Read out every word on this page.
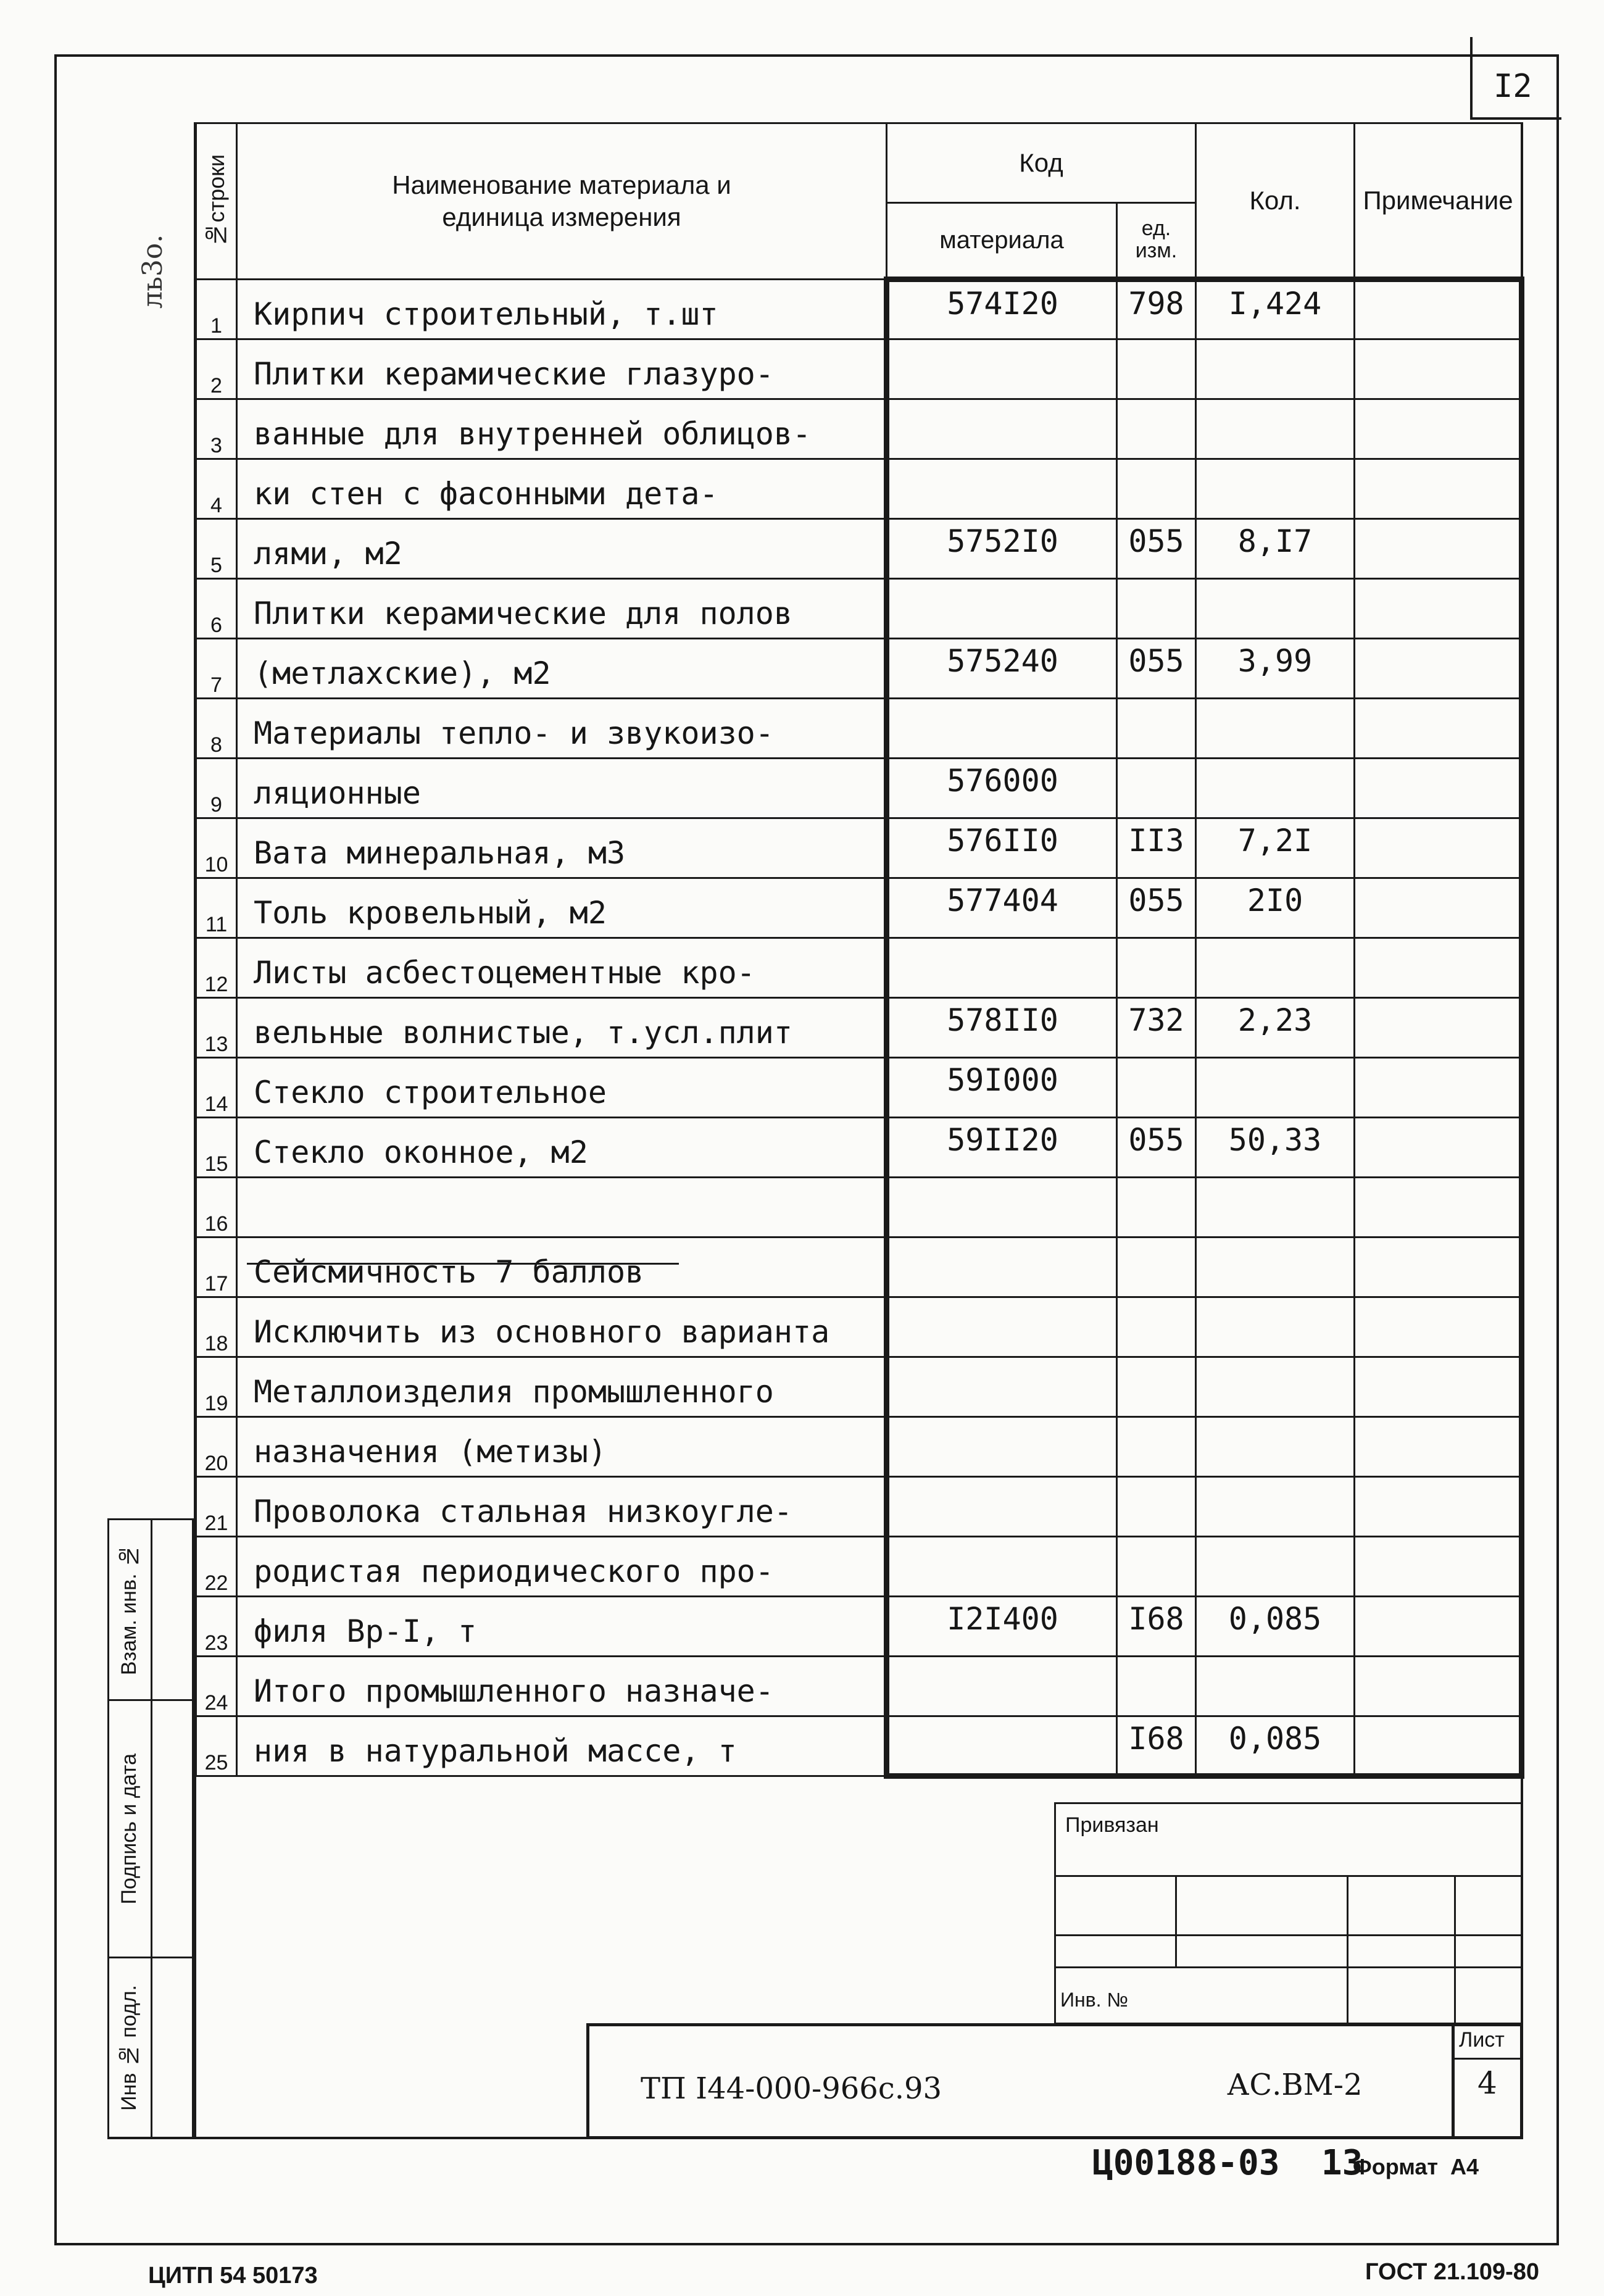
I2
ль3о.
№строки	Наименование материала и
единица измерения	Код		Кол.	Примечание
		материала	ед.
изм.		
1	Кирпич строительный, т.шт	574I20	798	I,424	
2	Плитки керамические глазуро-				
3	ванные для внутренней облицов-				
4	ки стен с фасонными дета-				
5	лями, м2	5752I0	055	8,I7	
6	Плитки керамические для полов				
7	(метлахские), м2	575240	055	3,99	
8	Материалы тепло- и звукоизо-				
9	ляционные	576000			
10	Вата минеральная, м3	576II0	II3	7,2I	
11	Толь кровельный, м2	577404	055	2I0	
12	Листы асбестоцементные кро-				
13	вельные волнистые, т.усл.плит	578II0	732	2,23	
14	Стекло строительное	59I000			
15	Стекло оконное, м2	59II20	055	50,33	
16					
17	Сейсмичность 7 баллов				
18	Исключить из основного варианта				
19	Металлоизделия промышленного				
20	назначения (метизы)				
21	Проволока стальная низкоугле-				
22	родистая периодического про-				
23	филя Вр-I, т	I2I400	I68	0,085	
24	Итого промышленного назначе-				
25	ния в натуральной массе, т		I68	0,085	
Взам. инв. №
Подпись и дата
Инв № подл.
Привязан
Инв. №
ТП I44-000-966с.93	АС.ВМ-2
Лист
4
Ц00188-03  13
Формат  А4
ЦИТП 54 50173	ГОСТ 21.109-80
